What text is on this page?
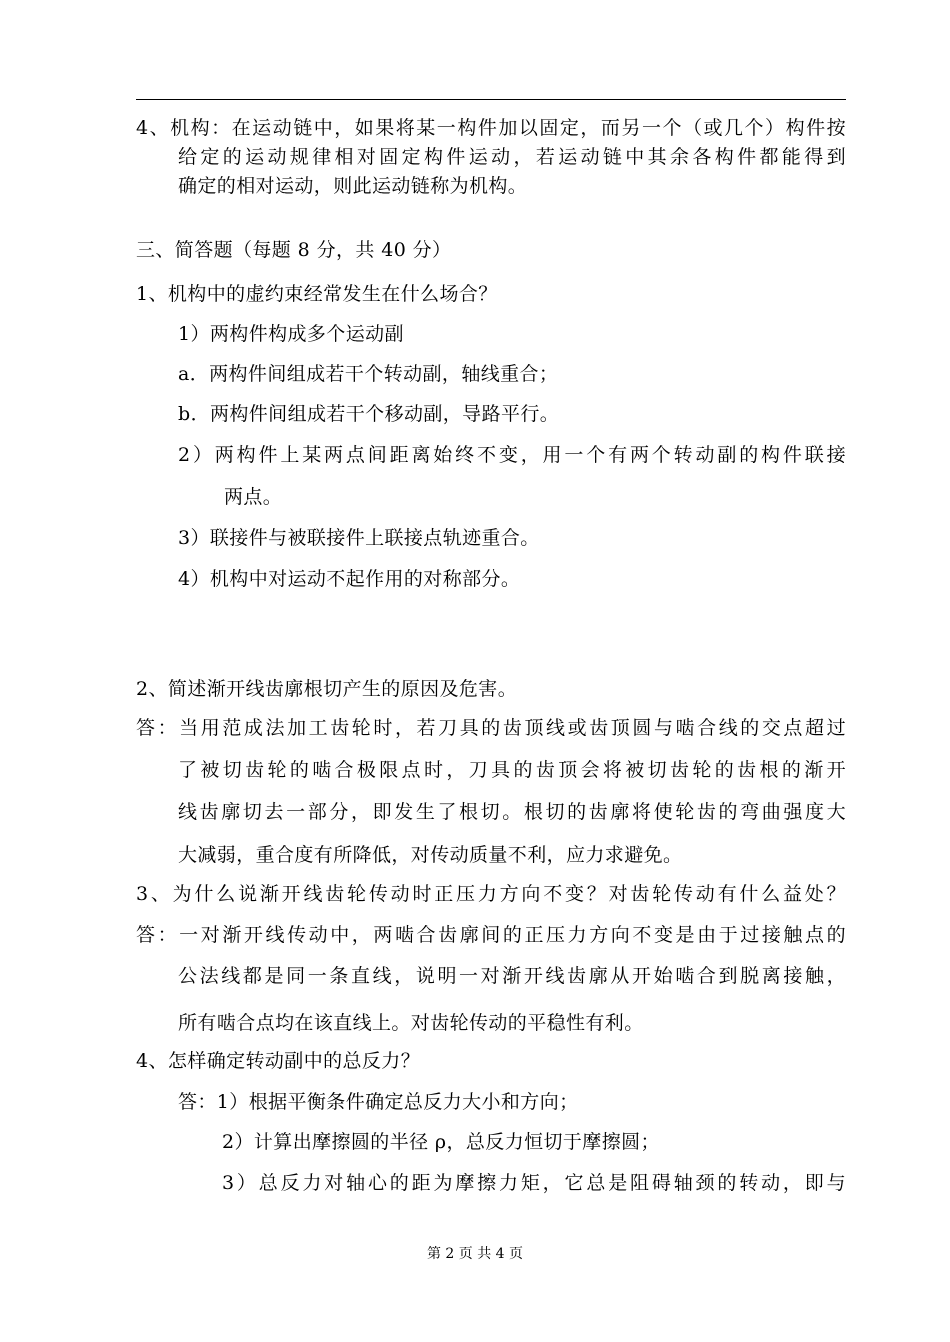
4、机构：在运动链中，如果将某一构件加以固定，而另一个（或几个）构件按
给定的运动规律相对固定构件运动，若运动链中其余各构件都能得到
确定的相对运动，则此运动链称为机构。
三、简答题（每题 8 分，共 40 分）
1、机构中的虚约束经常发生在什么场合？
1）两构件构成多个运动副
a．两构件间组成若干个转动副，轴线重合；
b．两构件间组成若干个移动副，导路平行。
2）两构件上某两点间距离始终不变，用一个有两个转动副的构件联接
两点。
3）联接件与被联接件上联接点轨迹重合。
4）机构中对运动不起作用的对称部分。
2、简述渐开线齿廓根切产生的原因及危害。
答：当用范成法加工齿轮时，若刀具的齿顶线或齿顶圆与啮合线的交点超过
了被切齿轮的啮合极限点时，刀具的齿顶会将被切齿轮的齿根的渐开
线齿廓切去一部分，即发生了根切。根切的齿廓将使轮齿的弯曲强度大
大减弱，重合度有所降低，对传动质量不利，应力求避免。
3、为什么说渐开线齿轮传动时正压力方向不变？对齿轮传动有什么益处？
答：一对渐开线传动中，两啮合齿廓间的正压力方向不变是由于过接触点的
公法线都是同一条直线，说明一对渐开线齿廓从开始啮合到脱离接触，
所有啮合点均在该直线上。对齿轮传动的平稳性有利。
4、怎样确定转动副中的总反力？
答：1）根据平衡条件确定总反力大小和方向；
2）计算出摩擦圆的半径 ρ，总反力恒切于摩擦圆；
3）总反力对轴心的距为摩擦力矩，它总是阻碍轴颈的转动，即与
第 2 页 共 4 页
